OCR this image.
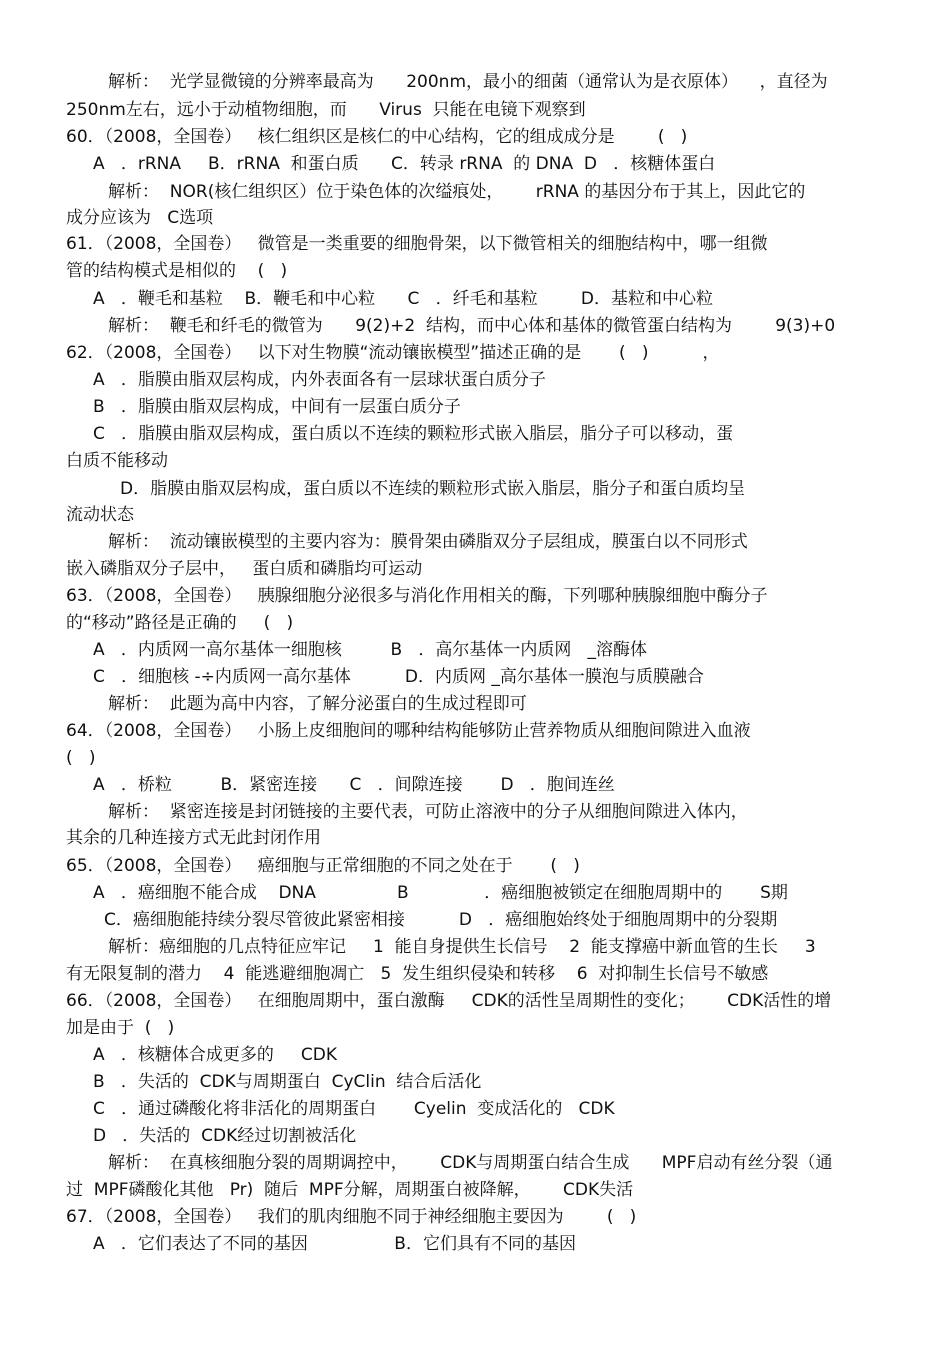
解析：  光学显微镜的分辨率最高为      200nm，最小的细菌（通常认为是衣原体）    ，直径为
250nm左右，远小于动植物细胞，而      Virus  只能在电镜下观察到
60．（2008，全国卷）   核仁组织区是核仁的中心结构，它的组成成分是        (   )
A   ．rRNA     B．rRNA  和蛋白质      C．转录 rRNA  的 DNA  D   ．核糖体蛋白
解析：  NOR(核仁组织区）位于染色体的次缢痕处，      rRNA 的基因分布于其上，因此它的
成分应该为   C选项
61．（2008，全国卷）   微管是一类重要的细胞骨架，以下微管相关的细胞结构中，哪一组微
管的结构模式是相似的    (   )
A   ．鞭毛和基粒    B．鞭毛和中心粒      C   ．纤毛和基粒        D．基粒和中心粒
解析：  鞭毛和纤毛的微管为      9(2)+2  结构，而中心体和基体的微管蛋白结构为        9(3)+0
62．（2008，全国卷）   以下对生物膜“流动镶嵌模型”描述正确的是       (   )          ，
A   ．脂膜由脂双层构成，内外表面各有一层球状蛋白质分子
B   ．脂膜由脂双层构成，中间有一层蛋白质分子
C   ．脂膜由脂双层构成，蛋白质以不连续的颗粒形式嵌入脂层，脂分子可以移动，蛋
白质不能移动
D．脂膜由脂双层构成，蛋白质以不连续的颗粒形式嵌入脂层，脂分子和蛋白质均呈
流动状态
解析：  流动镶嵌模型的主要内容为：膜骨架由磷脂双分子层组成，膜蛋白以不同形式
嵌入磷脂双分子层中，   蛋白质和磷脂均可运动
63．（2008，全国卷）   胰腺细胞分泌很多与消化作用相关的酶，下列哪种胰腺细胞中酶分子
的“移动”路径是正确的     (   )
A   ．内质网一高尔基体一细胞核         B   ．高尔基体一内质网   _溶酶体
C   ．细胞核 -÷内质网一高尔基体          D．内质网 _高尔基体一膜泡与质膜融合
解析：  此题为高中内容，了解分泌蛋白的生成过程即可
64．（2008，全国卷）   小肠上皮细胞间的哪种结构能够防止营养物质从细胞间隙进入血液
(   )
A   ．桥粒         B．紧密连接      C   ．间隙连接       D   ．胞间连丝
解析：  紧密连接是封闭链接的主要代表，可防止溶液中的分子从细胞间隙进入体内，
其余的几种连接方式无此封闭作用
65．（2008，全国卷）   癌细胞与正常细胞的不同之处在于       (   )
A   ．癌细胞不能合成    DNA               B              ．癌细胞被锁定在细胞周期中的       S期
C．癌细胞能持续分裂尽管彼此紧密相接          D   ．癌细胞始终处于细胞周期中的分裂期
解析：癌细胞的几点特征应牢记     1  能自身提供生长信号    2  能支撑癌中新血管的生长     3
有无限复制的潜力    4  能逃避细胞凋亡   5  发生组织侵染和转移    6  对抑制生长信号不敏感
66．（2008，全国卷）   在细胞周期中，蛋白激酶     CDK的活性呈周期性的变化；      CDK活性的增
加是由于  (   )
A   ．核糖体合成更多的     CDK
B   ．失活的  CDK与周期蛋白  CyClin  结合后活化
C   ．通过磷酸化将非活化的周期蛋白       Cyelin  变成活化的   CDK
D   ．失活的  CDK经过切割被活化
解析：  在真核细胞分裂的周期调控中，      CDK与周期蛋白结合生成      MPF启动有丝分裂（通
过  MPF磷酸化其他   Pr)  随后  MPF分解，周期蛋白被降解，      CDK失活
67．（2008，全国卷）   我们的肌肉细胞不同于神经细胞主要因为        (   )
A   ．它们表达了不同的基因                B．它们具有不同的基因
